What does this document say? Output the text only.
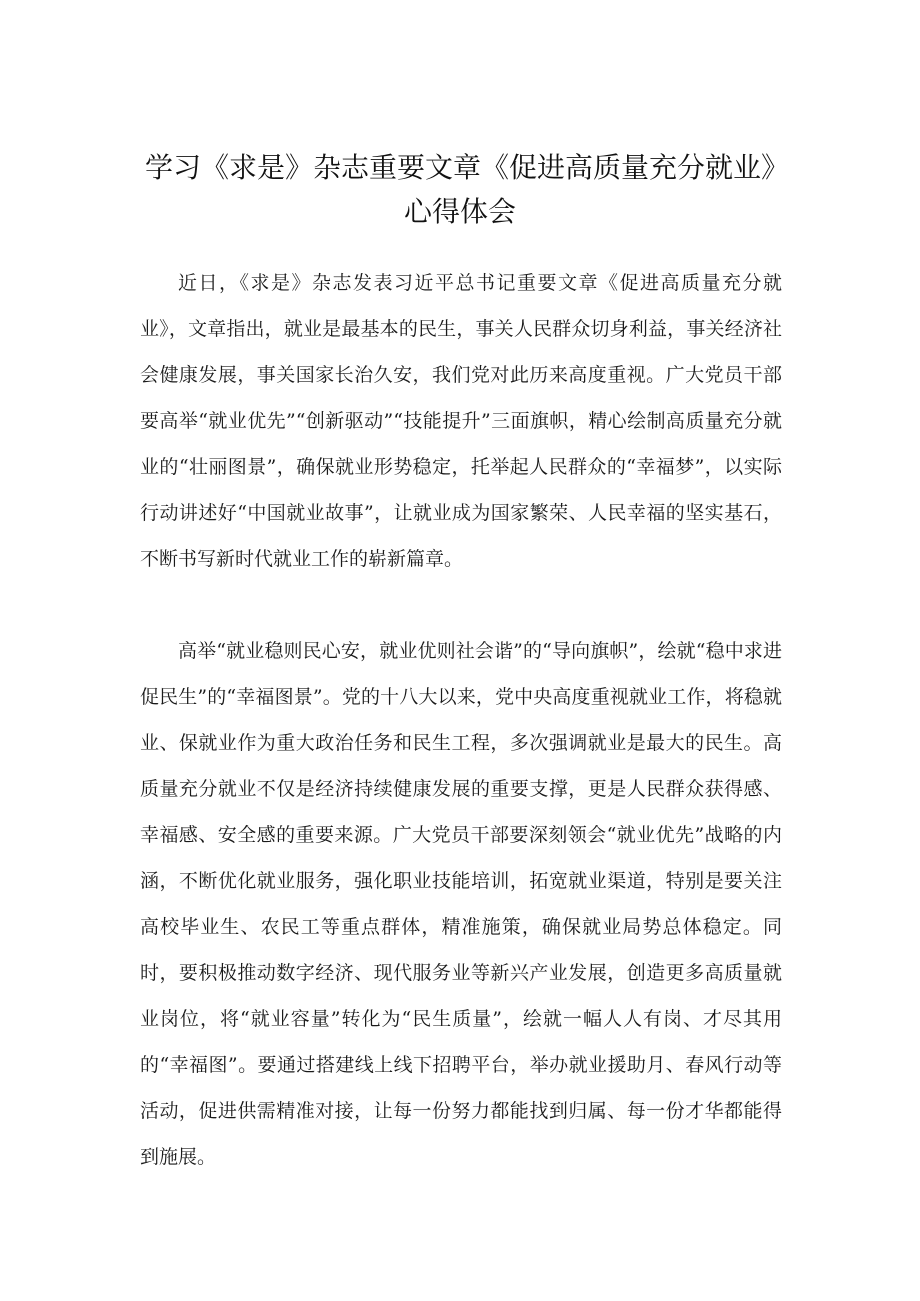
学习《求是》杂志重要文章《促进高质量充分就业》心得体会

近日，《求是》杂志发表习近平总书记重要文章《促进高质量充分就业》，文章指出，就业是最基本的民生，事关人民群众切身利益，事关经济社会健康发展，事关国家长治久安，我们党对此历来高度重视。广大党员干部要高举“就业优先”“创新驱动”“技能提升”三面旗帜，精心绘制高质量充分就业的“壮丽图景”，确保就业形势稳定，托举起人民群众的“幸福梦”，以实际行动讲述好“中国就业故事”，让就业成为国家繁荣、人民幸福的坚实基石，不断书写新时代就业工作的崭新篇章。

高举“就业稳则民心安，就业优则社会谐”的“导向旗帜”，绘就“稳中求进促民生”的“幸福图景”。党的十八大以来，党中央高度重视就业工作，将稳就业、保就业作为重大政治任务和民生工程，多次强调就业是最大的民生。高质量充分就业不仅是经济持续健康发展的重要支撑，更是人民群众获得感、幸福感、安全感的重要来源。广大党员干部要深刻领会“就业优先”战略的内涵，不断优化就业服务，强化职业技能培训，拓宽就业渠道，特别是要关注高校毕业生、农民工等重点群体，精准施策，确保就业局势总体稳定。同时，要积极推动数字经济、现代服务业等新兴产业发展，创造更多高质量就业岗位，将“就业容量”转化为“民生质量”，绘就一幅人人有岗、才尽其用的“幸福图”。要通过搭建线上线下招聘平台，举办就业援助月、春风行动等活动，促进供需精准对接，让每一份努力都能找到归属、每一份才华都能得到施展。
